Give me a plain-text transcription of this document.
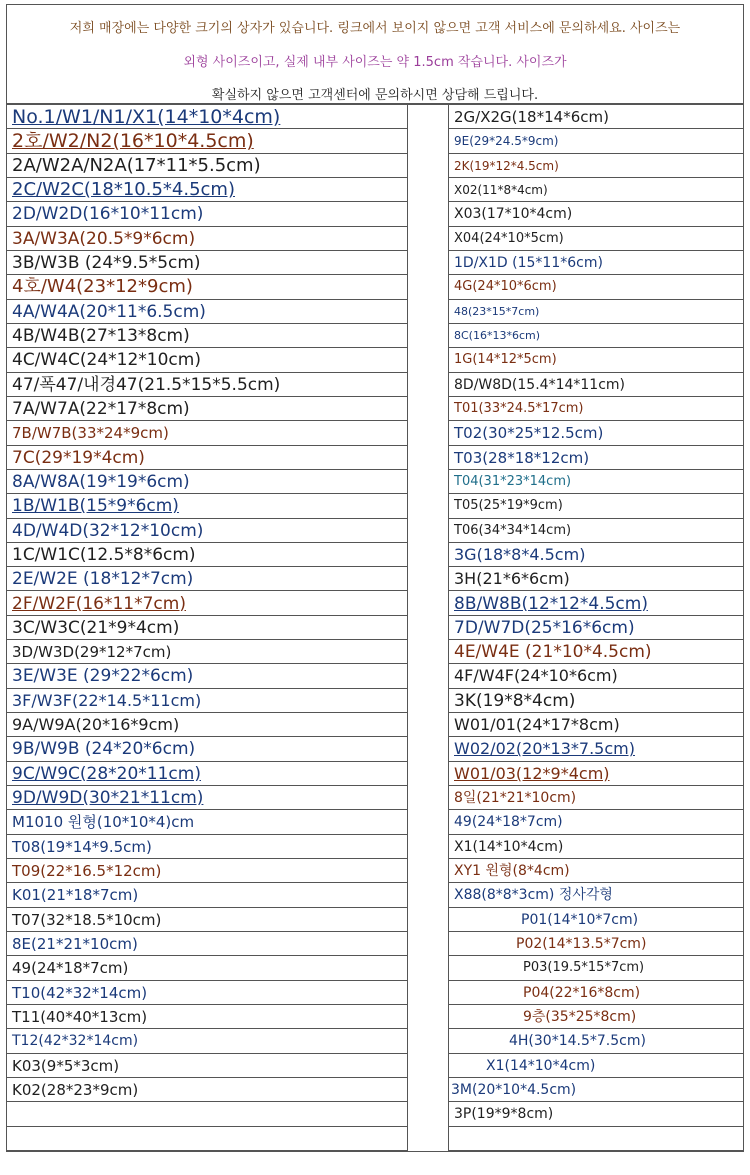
저희 매장에는 다양한 크기의 상자가 있습니다. 링크에서 보이지 않으면 고객 서비스에 문의하세요. 사이즈는
외형 사이즈이고, 실제 내부 사이즈는 약 1.5cm 작습니다. 사이즈가
확실하지 않으면 고객센터에 문의하시면 상담해 드립니다.
No.1/W1/N1/X1(14*10*4cm)
2호/W2/N2(16*10*4.5cm)
2A/W2A/N2A(17*11*5.5cm)
2C/W2C(18*10.5*4.5cm)
2D/W2D(16*10*11cm)
3A/W3A(20.5*9*6cm)
3B/W3B (24*9.5*5cm)
4호/W4(23*12*9cm)
4A/W4A(20*11*6.5cm)
4B/W4B(27*13*8cm)
4C/W4C(24*12*10cm)
47/폭47/내경47(21.5*15*5.5cm)
7A/W7A(22*17*8cm)
7B/W7B(33*24*9cm)
7C(29*19*4cm)
8A/W8A(19*19*6cm)
1B/W1B(15*9*6cm)
4D/W4D(32*12*10cm)
1C/W1C(12.5*8*6cm)
2E/W2E (18*12*7cm)
2F/W2F(16*11*7cm)
3C/W3C(21*9*4cm)
3D/W3D(29*12*7cm)
3E/W3E (29*22*6cm)
3F/W3F(22*14.5*11cm)
9A/W9A(20*16*9cm)
9B/W9B (24*20*6cm)
9C/W9C(28*20*11cm)
9D/W9D(30*21*11cm)
M1010 원형(10*10*4)cm
T08(19*14*9.5cm)
T09(22*16.5*12cm)
K01(21*18*7cm)
T07(32*18.5*10cm)
8E(21*21*10cm)
49(24*18*7cm)
T10(42*32*14cm)
T11(40*40*13cm)
T12(42*32*14cm)
K03(9*5*3cm)
K02(28*23*9cm)
2G/X2G(18*14*6cm)
9E(29*24.5*9cm)
2K(19*12*4.5cm)
X02(11*8*4cm)
X03(17*10*4cm)
X04(24*10*5cm)
1D/X1D (15*11*6cm)
4G(24*10*6cm)
48(23*15*7cm)
8C(16*13*6cm)
1G(14*12*5cm)
8D/W8D(15.4*14*11cm)
T01(33*24.5*17cm)
T02(30*25*12.5cm)
T03(28*18*12cm)
T04(31*23*14cm)
T05(25*19*9cm)
T06(34*34*14cm)
3G(18*8*4.5cm)
3H(21*6*6cm)
8B/W8B(12*12*4.5cm)
7D/W7D(25*16*6cm)
4E/W4E (21*10*4.5cm)
4F/W4F(24*10*6cm)
3K(19*8*4cm)
W01/01(24*17*8cm)
W02/02(20*13*7.5cm)
W01/03(12*9*4cm)
8일(21*21*10cm)
49(24*18*7cm)
X1(14*10*4cm)
XY1 원형(8*4cm)
X88(8*8*3cm) 정사각형
P01(14*10*7cm)
P02(14*13.5*7cm)
P03(19.5*15*7cm)
P04(22*16*8cm)
9층(35*25*8cm)
4H(30*14.5*7.5cm)
X1(14*10*4cm)
3M(20*10*4.5cm)
3P(19*9*8cm)
